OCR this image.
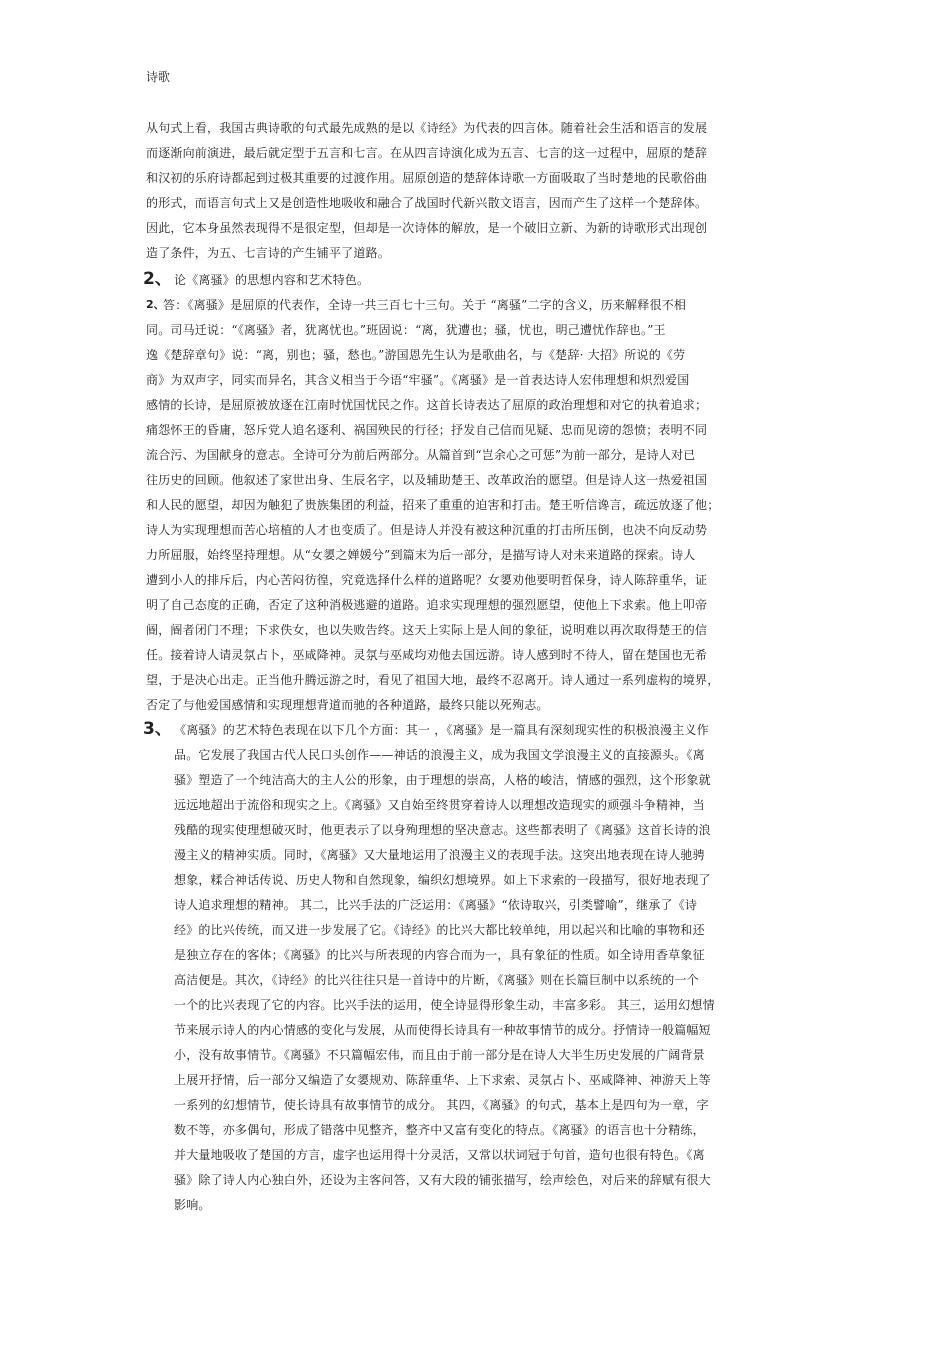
诗歌
从句式上看，我国古典诗歌的句式最先成熟的是以《诗经》为代表的四言体。随着社会生活和语言的发展
而逐渐向前演进，最后就定型于五言和七言。在从四言诗演化成为五言、七言的这一过程中，屈原的楚辞
和汉初的乐府诗都起到过极其重要的过渡作用。屈原创造的楚辞体诗歌一方面吸取了当时楚地的民歌俗曲
的形式，而语言句式上又是创造性地吸收和融合了战国时代新兴散文语言，因而产生了这样一个楚辞体。
因此，它本身虽然表现得不是很定型，但却是一次诗体的解放，是一个破旧立新、为新的诗歌形式出现创
造了条件，为五、七言诗的产生铺平了道路。
2、 论《离骚》的思想内容和艺术特色。
2、
答：《离骚》是屈原的代表作，全诗一共三百七十三句。关于 “离骚”二字的含义，历来解释很不相
同。司马迁说：“《离骚》者，犹离忧也。”班固说：“离，犹遭也；骚，忧也，明己遭忧作辞也。”王
逸《楚辞章句》说：“离，别也；骚，愁也。”游国恩先生认为是歌曲名，与《楚辞· 大招》所说的《劳
商》为双声字，同实而异名，其含义相当于今语“牢骚”。《离骚》是一首表达诗人宏伟理想和炽烈爱国
感情的长诗，是屈原被放逐在江南时忧国忧民之作。这首长诗表达了屈原的政治理想和对它的执着追求；
痛怨怀王的昏庸，怒斥党人追名逐利、祸国殃民的行径；抒发自己信而见疑、忠而见谤的怨愤；表明不同
流合污、为国献身的意志。全诗可分为前后两部分。从篇首到“岂余心之可惩”为前一部分，是诗人对已
往历史的回顾。他叙述了家世出身、生辰名字，以及辅助楚王、改革政治的愿望。但是诗人这一热爱祖国
和人民的愿望，却因为触犯了贵族集团的利益，招来了重重的迫害和打击。楚王听信谗言，疏远放逐了他；
诗人为实现理想而苦心培植的人才也变质了。但是诗人并没有被这种沉重的打击所压倒，也决不向反动势
力所屈服，始终坚持理想。从“女嬃之婵媛兮”到篇末为后一部分，是描写诗人对未来道路的探索。诗人
遭到小人的排斥后，内心苦闷彷徨，究竟选择什么样的道路呢？女嬃劝他要明哲保身，诗人陈辞重华，证
明了自己态度的正确，否定了这种消极逃避的道路。追求实现理想的强烈愿望，使他上下求索。他上叩帝
阍，阍者闭门不理；下求佚女，也以失败告终。这天上实际上是人间的象征，说明难以再次取得楚王的信
任。接着诗人请灵氛占卜，巫咸降神。灵氛与巫咸均劝他去国远游。诗人感到时不待人，留在楚国也无希
望，于是决心出走。正当他升腾远游之时，看见了祖国大地，最终不忍离开。诗人通过一系列虚构的境界，
否定了与他爱国感情和实现理想背道而驰的各种道路，最终只能以死殉志。
3、 《离骚》的艺术特色表现在以下几个方面：其一 ，《离骚》是一篇具有深刻现实性的积极浪漫主义作
品。它发展了我国古代人民口头创作——神话的浪漫主义，成为我国文学浪漫主义的直接源头。《离
骚》塑造了一个纯洁高大的主人公的形象，由于理想的崇高，人格的峻洁，情感的强烈，这个形象就
远远地超出于流俗和现实之上。《离骚》又自始至终贯穿着诗人以理想改造现实的顽强斗争精神，当
残酷的现实使理想破灭时，他更表示了以身殉理想的坚决意志。这些都表明了《离骚》这首长诗的浪
漫主义的精神实质。同时，《离骚》又大量地运用了浪漫主义的表现手法。这突出地表现在诗人驰骋
想象，糅合神话传说、历史人物和自然现象，编织幻想境界。如上下求索的一段描写，很好地表现了
诗人追求理想的精神。 其二，比兴手法的广泛运用：《离骚》“依诗取兴，引类譬喻”，继承了《诗
经》的比兴传统，而又进一步发展了它。《诗经》的比兴大都比较单纯，用以起兴和比喻的事物和还
是独立存在的客体；《离骚》的比兴与所表现的内容合而为一，具有象征的性质。如全诗用香草象征
高洁便是。其次，《诗经》的比兴往往只是一首诗中的片断，《离骚》则在长篇巨制中以系统的一个
一个的比兴表现了它的内容。比兴手法的运用，使全诗显得形象生动，丰富多彩。 其三，运用幻想情
节来展示诗人的内心情感的变化与发展，从而使得长诗具有一种故事情节的成分。抒情诗一般篇幅短
小，没有故事情节。《离骚》不只篇幅宏伟，而且由于前一部分是在诗人大半生历史发展的广阔背景
上展开抒情，后一部分又编造了女嬃规劝、陈辞重华、上下求索、灵氛占卜、巫咸降神、神游天上等
一系列的幻想情节，使长诗具有故事情节的成分。 其四，《离骚》的句式，基本上是四句为一章，字
数不等，亦多偶句，形成了错落中见整齐，整齐中又富有变化的特点。《离骚》的语言也十分精练，
并大量地吸收了楚国的方言，虚字也运用得十分灵活，又常以状词冠于句首，造句也很有特色。《离
骚》除了诗人内心独白外，还设为主客问答，又有大段的铺张描写，绘声绘色，对后来的辞赋有很大
影响。
